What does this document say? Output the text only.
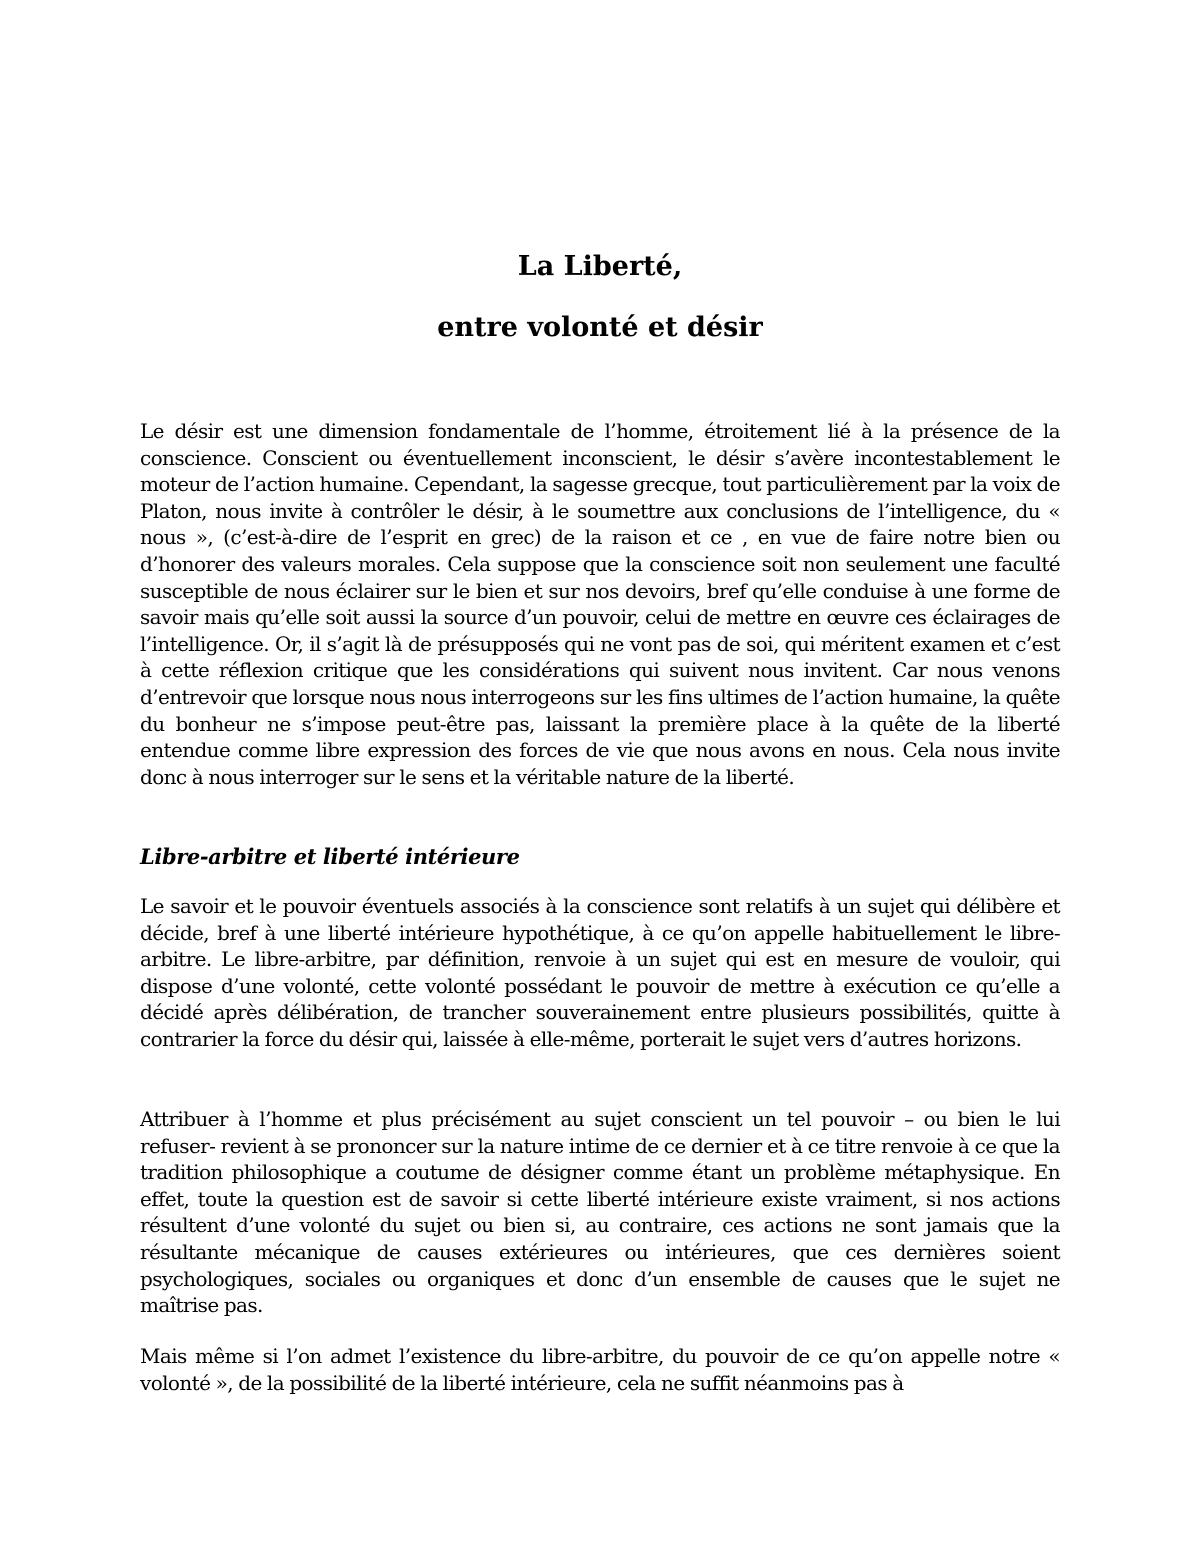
La Liberté,
entre volonté et désir

Le désir est une dimension fondamentale de l’homme, étroitement lié à la présence de la conscience. Conscient ou éventuellement inconscient, le désir s’avère incontestablement le moteur de l’action humaine. Cependant, la sagesse grecque, tout particulièrement par la voix de Platon, nous invite à contrôler le désir, à le soumettre aux conclusions de l’intelligence, du « nous », (c’est-à-dire de l’esprit en grec) de la raison et ce , en vue de faire notre bien ou d’honorer des valeurs morales. Cela suppose que la conscience soit non seulement une faculté susceptible de nous éclairer sur le bien et sur nos devoirs, bref qu’elle conduise à une forme de savoir mais qu’elle soit aussi la source d’un pouvoir, celui de mettre en œuvre ces éclairages de l’intelligence. Or, il s’agit là de présupposés qui ne vont pas de soi, qui méritent examen et c’est à cette réflexion critique que les considérations qui suivent nous invitent. Car nous venons d’entrevoir que lorsque nous nous interrogeons sur les fins ultimes de l’action humaine, la quête du bonheur ne s’impose peut-être pas, laissant la première place à la quête de la liberté entendue comme libre expression des forces de vie que nous avons en nous. Cela nous invite donc à nous interroger sur le sens et la véritable nature de la liberté.

Libre-arbitre et liberté intérieure

Le savoir et le pouvoir éventuels associés à la conscience sont relatifs à un sujet qui délibère et décide, bref à une liberté intérieure hypothétique, à ce qu’on appelle habituellement le libre-arbitre. Le libre-arbitre, par définition, renvoie à un sujet qui est en mesure de vouloir, qui dispose d’une volonté, cette volonté possédant le pouvoir de mettre à exécution ce qu’elle a décidé après délibération, de trancher souverainement entre plusieurs possibilités, quitte à contrarier la force du désir qui, laissée à elle-même, porterait le sujet vers d’autres horizons.

Attribuer à l’homme et plus précisément au sujet conscient un tel pouvoir – ou bien le lui refuser- revient à se prononcer sur la nature intime de ce dernier et à ce titre renvoie à ce que la tradition philosophique a coutume de désigner comme étant un problème métaphysique. En effet, toute la question est de savoir si cette liberté intérieure existe vraiment, si nos actions résultent d’une volonté du sujet ou bien si, au contraire, ces actions ne sont jamais que la résultante mécanique de causes extérieures ou intérieures, que ces dernières soient psychologiques, sociales ou organiques et donc d’un ensemble de causes que le sujet ne maîtrise pas.

Mais même si l’on admet l’existence du libre-arbitre, du pouvoir de ce qu’on appelle notre « volonté », de la possibilité de la liberté intérieure, cela ne suffit néanmoins pas à
